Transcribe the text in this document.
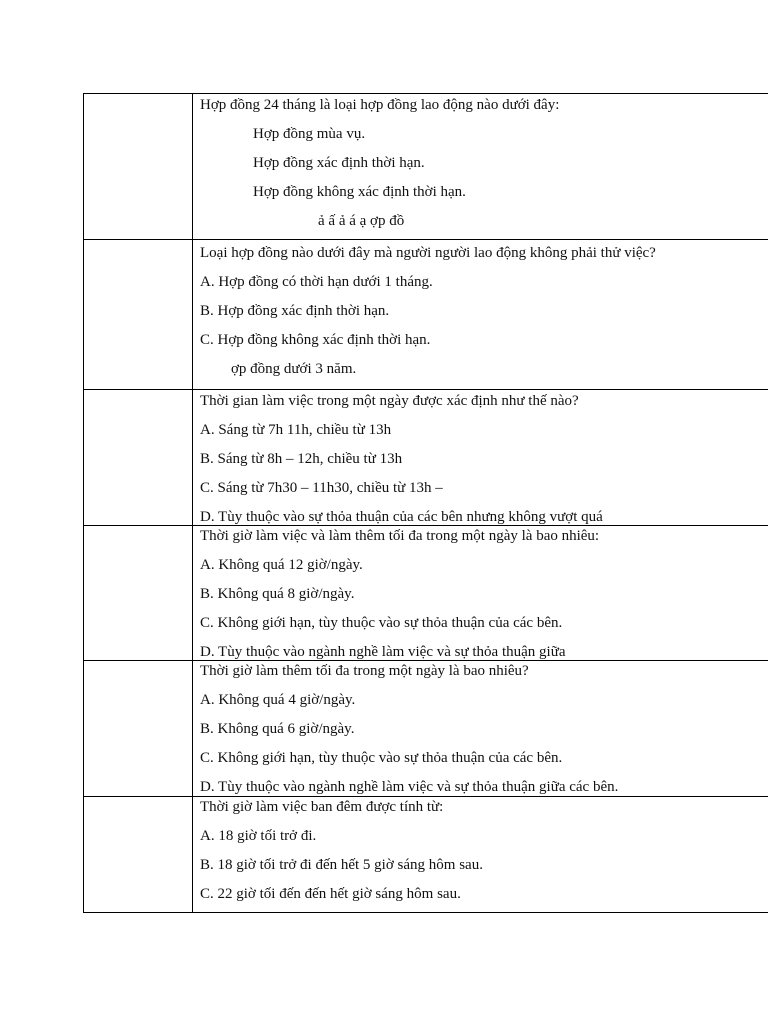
	Hợp đồng 24 tháng là loại hợp đồng lao động nào dưới đây:
Hợp đồng mùa vụ.
Hợp đồng xác định thời hạn.
Hợp đồng không xác định thời hạn.
ả ấ ả á ạ ợp đồ

	Loại hợp đồng nào dưới đây mà người người lao động không phải thử việc?
A. Hợp đồng có thời hạn dưới 1 tháng.
B. Hợp đồng xác định thời hạn.
C. Hợp đồng không xác định thời hạn.
ợp đồng dưới 3 năm.

	Thời gian làm việc trong một ngày được xác định như thế nào?
A. Sáng từ 7h 11h, chiều từ 13h
B. Sáng từ 8h – 12h, chiều từ 13h
C. Sáng từ 7h30 – 11h30, chiều từ 13h –
D. Tùy thuộc vào sự thỏa thuận của các bên nhưng không vượt quá

	Thời giờ làm việc và làm thêm tối đa trong một ngày là bao nhiêu:
A. Không quá 12 giờ/ngày.
B. Không quá 8 giờ/ngày.
C. Không giới hạn, tùy thuộc vào sự thỏa thuận của các bên.
D. Tùy thuộc vào ngành nghề làm việc và sự thỏa thuận giữa

	Thời giờ làm thêm tối đa trong một ngày là bao nhiêu?
A. Không quá 4 giờ/ngày.
B. Không quá 6 giờ/ngày.
C. Không giới hạn, tùy thuộc vào sự thỏa thuận của các bên.
D. Tùy thuộc vào ngành nghề làm việc và sự thỏa thuận giữa các bên.

	Thời giờ làm việc ban đêm được tính từ:
A. 18 giờ tối trở đi.
B. 18 giờ tối trở đi đến hết 5 giờ sáng hôm sau.
C. 22 giờ tối đến đến hết giờ sáng hôm sau.
